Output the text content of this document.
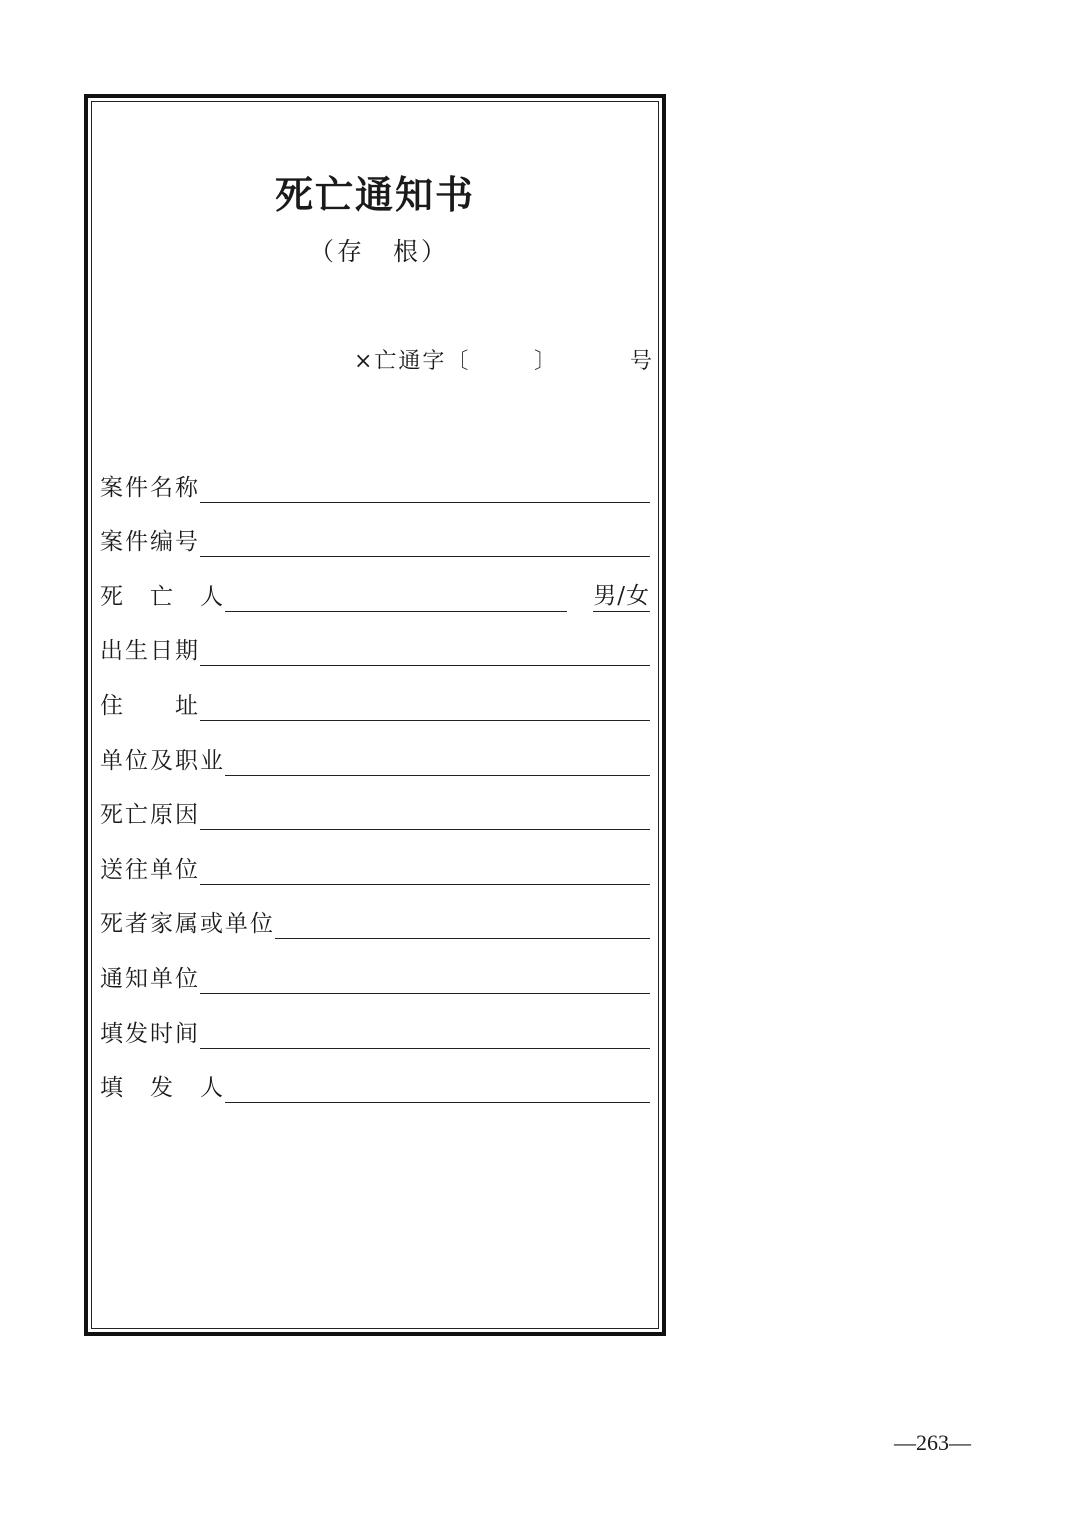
死亡通知书
（存　根）
×亡通字〔	〕	号
案件名称
案件编号
死　亡　人	男/女
出生日期
住　　址
单位及职业
死亡原因
送往单位
死者家属或单位
通知单位
填发时间
填　发　人
—263—
